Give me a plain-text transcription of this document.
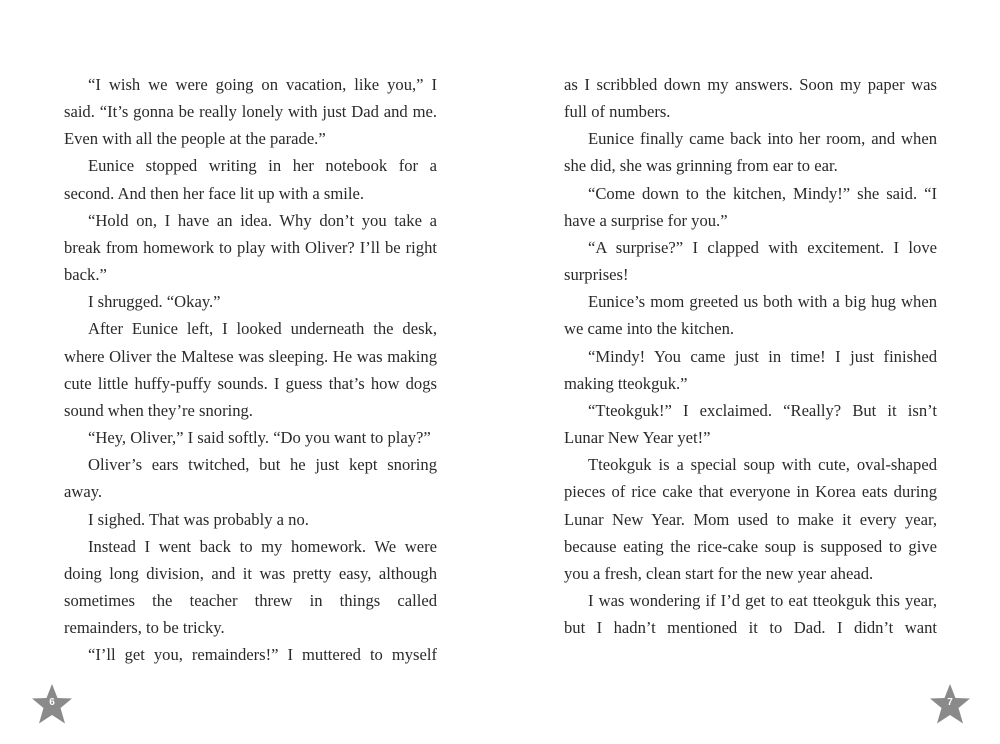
“I wish we were going on vacation, like you,” I said. “It’s gonna be really lonely with just Dad and me. Even with all the people at the parade.”

Eunice stopped writing in her notebook for a second. And then her face lit up with a smile.

“Hold on, I have an idea. Why don’t you take a break from homework to play with Oliver? I’ll be right back.”

I shrugged. “Okay.”

After Eunice left, I looked underneath the desk, where Oliver the Maltese was sleeping. He was making cute little huffy-puffy sounds. I guess that’s how dogs sound when they’re snoring.

“Hey, Oliver,” I said softly. “Do you want to play?”

Oliver’s ears twitched, but he just kept snoring away.

I sighed. That was probably a no.

Instead I went back to my homework. We were doing long division, and it was pretty easy, although sometimes the teacher threw in things called remainders, to be tricky.

“I’ll get you, remainders!” I muttered to myself

as I scribbled down my answers. Soon my paper was full of numbers.

Eunice finally came back into her room, and when she did, she was grinning from ear to ear.

“Come down to the kitchen, Mindy!” she said. “I have a surprise for you.”

“A surprise?” I clapped with excitement. I love surprises!

Eunice’s mom greeted us both with a big hug when we came into the kitchen.

“Mindy! You came just in time! I just finished making tteokguk.”

“Tteokguk!” I exclaimed. “Really? But it isn’t Lunar New Year yet!”

Tteokguk is a special soup with cute, oval-shaped pieces of rice cake that everyone in Korea eats during Lunar New Year. Mom used to make it every year, because eating the rice-cake soup is supposed to give you a fresh, clean start for the new year ahead.

I was wondering if I’d get to eat tteokguk this year, but I hadn’t mentioned it to Dad. I didn’t want

6	7
